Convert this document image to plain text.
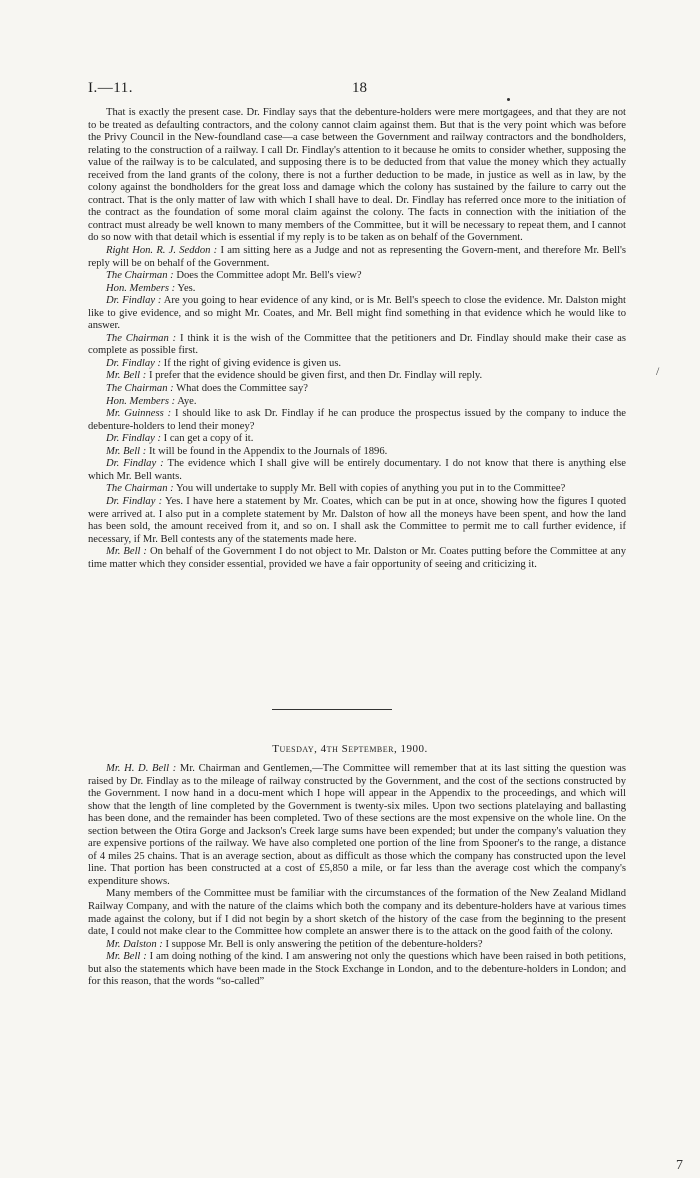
I.—11.	18

That is exactly the present case. Dr. Findlay says that the debenture-holders were mere mortgagees, and that they are not to be treated as defaulting contractors, and the colony cannot claim against them. But that is the very point which was before the Privy Council in the New-foundland case—a case between the Government and railway contractors and the bondholders, relating to the construction of a railway. I call Dr. Findlay's attention to it because he omits to consider whether, supposing the value of the railway is to be calculated, and supposing there is to be deducted from that value the money which they actually received from the land grants of the colony, there is not a further deduction to be made, in justice as well as in law, by the colony against the bondholders for the great loss and damage which the colony has sustained by the failure to carry out the contract. That is the only matter of law with which I shall have to deal. Dr. Findlay has referred once more to the initiation of the contract as the foundation of some moral claim against the colony. The facts in connection with the initiation of the contract must already be well known to many members of the Committee, but it will be necessary to repeat them, and I cannot do so now with that detail which is essential if my reply is to be taken as on behalf of the Government.

Right Hon. R. J. Seddon : I am sitting here as a Judge and not as representing the Govern-ment, and therefore Mr. Bell's reply will be on behalf of the Government.

The Chairman : Does the Committee adopt Mr. Bell's view?

Hon. Members : Yes.

Dr. Findlay : Are you going to hear evidence of any kind, or is Mr. Bell's speech to close the evidence. Mr. Dalston might like to give evidence, and so might Mr. Coates, and Mr. Bell might find something in that evidence which he would like to answer.

The Chairman : I think it is the wish of the Committee that the petitioners and Dr. Findlay should make their case as complete as possible first.

Dr. Findlay : If the right of giving evidence is given us.

Mr. Bell : I prefer that the evidence should be given first, and then Dr. Findlay will reply.

The Chairman : What does the Committee say?

Hon. Members : Aye.

Mr. Guinness : I should like to ask Dr. Findlay if he can produce the prospectus issued by the company to induce the debenture-holders to lend their money?

Dr. Findlay : I can get a copy of it.

Mr. Bell : It will be found in the Appendix to the Journals of 1896.

Dr. Findlay : The evidence which I shall give will be entirely documentary. I do not know that there is anything else which Mr. Bell wants.

The Chairman : You will undertake to supply Mr. Bell with copies of anything you put in to the Committee?

Dr. Findlay : Yes. I have here a statement by Mr. Coates, which can be put in at once, showing how the figures I quoted were arrived at. I also put in a complete statement by Mr. Dalston of how all the moneys have been spent, and how the land has been sold, the amount received from it, and so on. I shall ask the Committee to permit me to call further evidence, if necessary, if Mr. Bell contests any of the statements made here.

Mr. Bell : On behalf of the Government I do not object to Mr. Dalston or Mr. Coates putting before the Committee at any time matter which they consider essential, provided we have a fair opportunity of seeing and criticizing it.

Tuesday, 4th September, 1900.

Mr. H. D. Bell : Mr. Chairman and Gentlemen,—The Committee will remember that at its last sitting the question was raised by Dr. Findlay as to the mileage of railway constructed by the Government, and the cost of the sections constructed by the Government. I now hand in a docu-ment which I hope will appear in the Appendix to the proceedings, and which will show that the length of line completed by the Government is twenty-six miles. Upon two sections platelaying and ballasting has been done, and the remainder has been completed. Two of these sections are the most expensive on the whole line. On the section between the Otira Gorge and Jackson's Creek large sums have been expended; but under the company's valuation they are expensive portions of the railway. We have also completed one portion of the line from Spooner's to the range, a distance of 4 miles 25 chains. That is an average section, about as difficult as those which the company has constructed upon the level line. That portion has been constructed at a cost of £5,850 a mile, or far less than the average cost which the company's expenditure shows.

Many members of the Committee must be familiar with the circumstances of the formation of the New Zealand Midland Railway Company, and with the nature of the claims which both the company and its debenture-holders have at various times made against the colony, but if I did not begin by a short sketch of the history of the case from the beginning to the present date, I could not make clear to the Committee how complete an answer there is to the attack on the good faith of the colony.

Mr. Dalston : I suppose Mr. Bell is only answering the petition of the debenture-holders?

Mr. Bell : I am doing nothing of the kind. I am answering not only the questions which have been raised in both petitions, but also the statements which have been made in the Stock Exchange in London, and to the debenture-holders in London; and for this reason, that the words “so-called”

/
7
